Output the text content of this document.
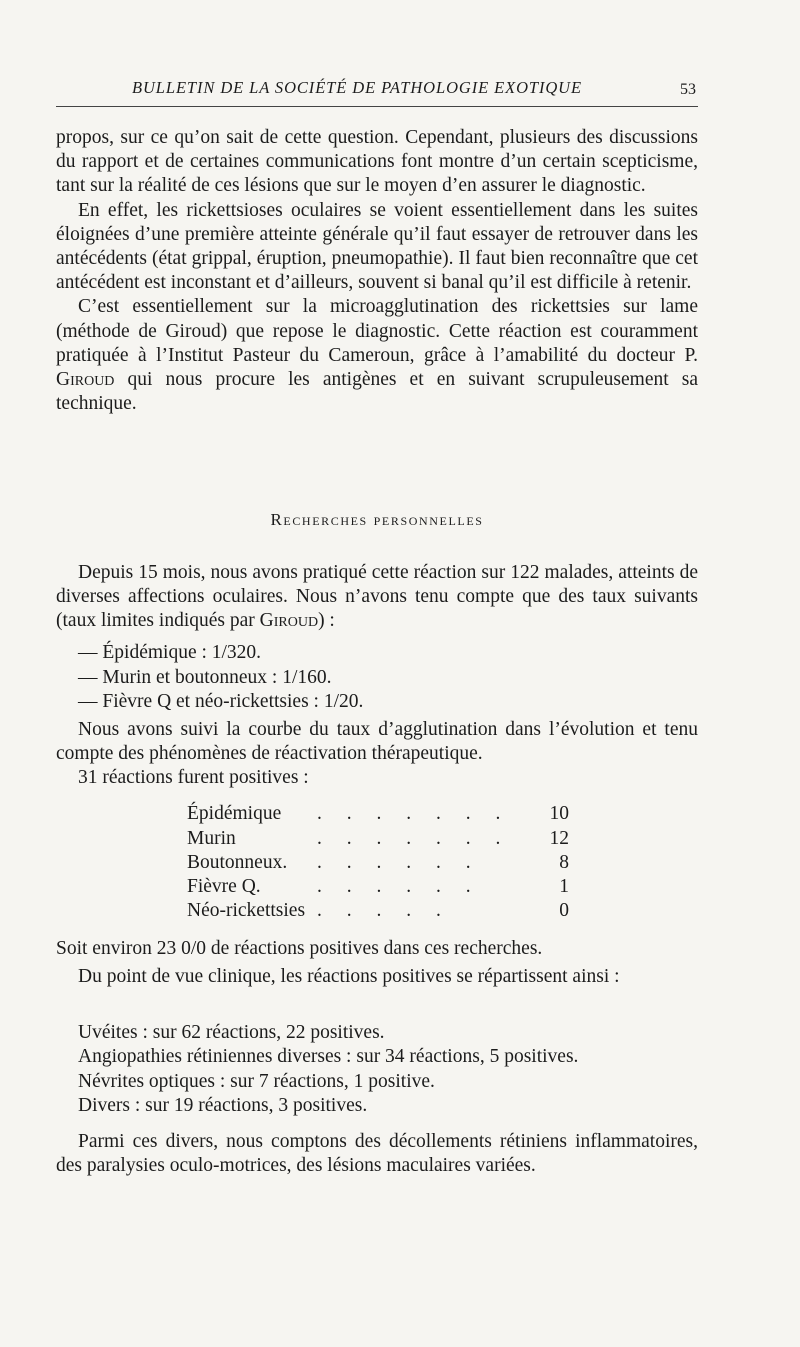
BULLETIN DE LA SOCIÉTÉ DE PATHOLOGIE EXOTIQUE	53

propos, sur ce qu’on sait de cette question. Cependant, plusieurs des discussions du rapport et de certaines communications font montre d’un certain scepticisme, tant sur la réalité de ces lésions que sur le moyen d’en assurer le diagnostic.

En effet, les rickettsioses oculaires se voient essentiellement dans les suites éloignées d’une première atteinte générale qu’il faut essayer de retrouver dans les antécédents (état grippal, éruption, pneumopathie). Il faut bien reconnaître que cet antécédent est inconstant et d’ailleurs, souvent si banal qu’il est difficile à retenir.

C’est essentiellement sur la microagglutination des rickettsies sur lame (méthode de Giroud) que repose le diagnostic. Cette réaction est couramment pratiquée à l’Institut Pasteur du Cameroun, grâce à l’amabilité du docteur P. Giroud qui nous procure les antigènes et en suivant scrupuleusement sa technique.

Recherches personnelles

Depuis 15 mois, nous avons pratiqué cette réaction sur 122 malades, atteints de diverses affections oculaires. Nous n’avons tenu compte que des taux suivants (taux limites indiqués par Giroud) :

— Épidémique : 1/320.
— Murin et boutonneux : 1/160.
— Fièvre Q et néo-rickettsies : 1/20.

Nous avons suivi la courbe du taux d’agglutination dans l’évolution et tenu compte des phénomènes de réactivation thérapeutique.

31 réactions furent positives :
Épidémique . . . . . . .	10
Murin	. . . . . . .	12
Boutonneux. . . . . . .	8
Fièvre Q.	. . . . . .	1
Néo-rickettsies . . . . .	0
Soit environ 23 0/0 de réactions positives dans ces recherches.

Du point de vue clinique, les réactions positives se répartissent ainsi :

Uvéites : sur 62 réactions, 22 positives.
Angiopathies rétiniennes diverses : sur 34 réactions, 5 positives.
Névrites optiques : sur 7 réactions, 1 positive.
Divers : sur 19 réactions, 3 positives.

Parmi ces divers, nous comptons des décollements rétiniens inflammatoires, des paralysies oculo-motrices, des lésions maculaires variées.
